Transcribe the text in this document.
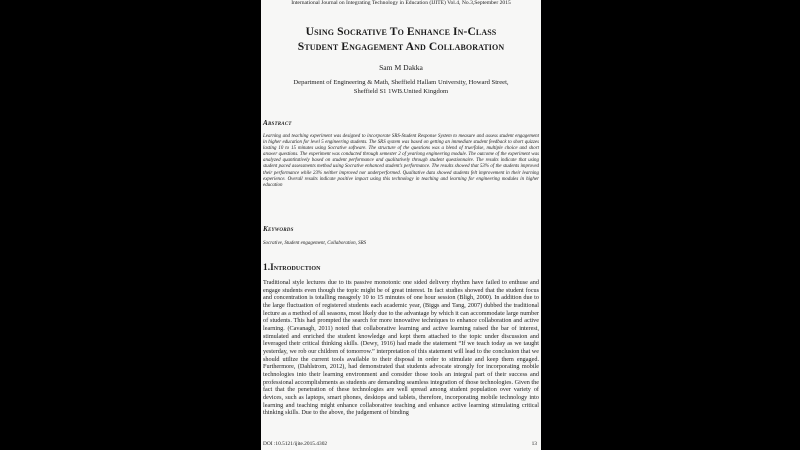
International Journal on Integrating Technology in Education (IJITE) Vol.4, No.3,September 2015

Using Socrative To Enhance In-Class
Student Engagement And Collaboration

Sam M Dakka

Department of Engineering & Math, Sheffield Hallam University, Howard Street,
Sheffield S1 1WB.United Kingdom

Abstract

Learning and teaching experiment was designed to incorporate SRS-Student Response System to measure and assess student engagement in higher education for level 5 engineering students. The SRS system was based on getting an immediate student feedback to short quizzes lasting 10 to 15 minutes using Socrative software. The structure of the questions was a blend of true/false, multiple choice and short answer questions. The experiment was conducted through semester 2 of yearlong engineering module. The outcome of the experiment was analyzed quantitatively based on student performance and qualitatively through student questionnaire. The results indicate that using student paced assessments method using Socrative enhanced student’s performance. The results showed that 53% of the students improved their performance while 23% neither improved nor underperformed. Qualitative data showed students felt improvement in their learning experience. Overall results indicate positive impact using this technology in teaching and learning for engineering modules in higher education

Keywords

Socrative, Student engagement, Collaboration, SRS

1.Introduction

Traditional style lectures due to its passive monotonic one sided delivery rhythm have failed to enthuse and engage students even though the topic might be of great interest. In fact studies showed that the student focus and concentration is totalling meagrely 10 to 15 minutes of one hour session (Bligh, 2000). In addition due to the large fluctuation of registered students each academic year, (Biggs and Tang, 2007) dubbed the traditional lecture as a method of all seasons, most likely due to the advantage by which it can accommodate large number of students. This had prompted the search for more innovative techniques to enhance collaboration and active learning. (Cavanagh, 2011) noted that collaborative learning and active learning raised the bar of interest, stimulated and enriched the student knowledge and kept them attached to the topic under discussion and leveraged their critical thinking skills. (Dewy, 1916) had made the statement “If we teach today as we taught yesterday, we rob our children of tomorrow.” interpretation of this statement will lead to the conclusion that we should utilize the current tools available to their disposal in order to stimulate and keep them engaged. Furthermore, (Dahlstrom, 2012), had demonstrated that students advocate strongly for incorporating mobile technologies into their learning environment and consider those tools an integral part of their success and professional accomplishments as students are demanding seamless integration of those technologies. Given the fact that the penetration of these technologies are well spread among student population over variety of devices, such as laptops, smart phones, desktops and tablets, therefore, incorporating mobile technology into learning and teaching might enhance collaborative teaching and enhance active learning stimulating critical thinking skills. Due to the above, the judgement of binding

DOI :10.5121/ijite.2015.4302	13
